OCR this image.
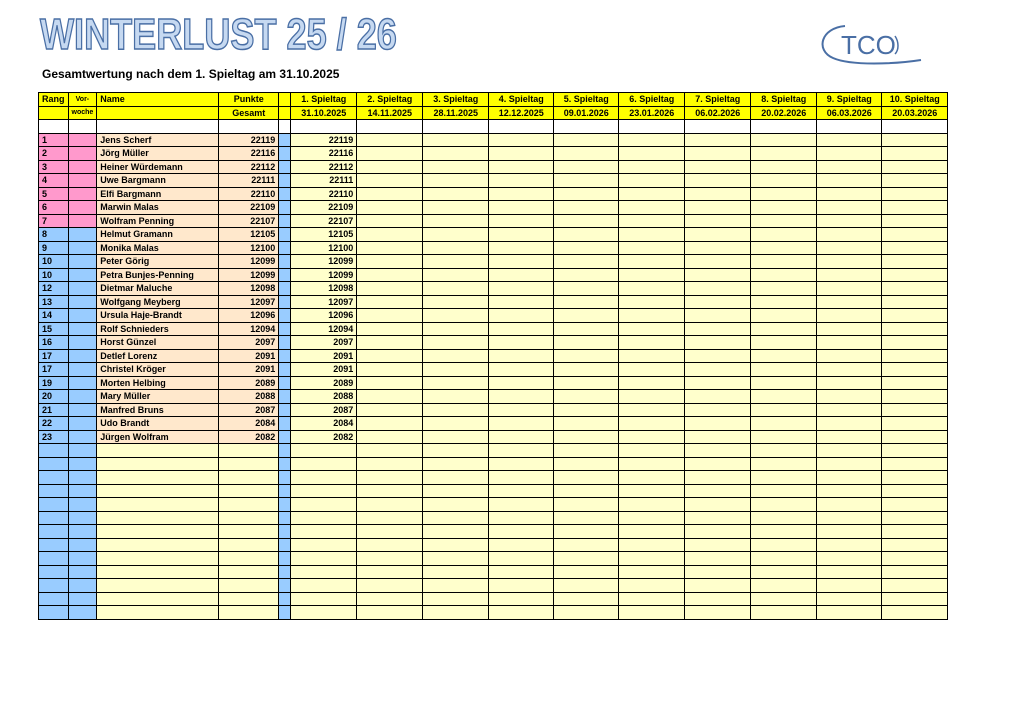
WINTERLUST 25 / 26
Gesamtwertung nach dem 1. Spieltag am 31.10.2025
TCO
Rang	Vor-	Name	Punkte		1. Spieltag	2. Spieltag	3. Spieltag	4. Spieltag	5. Spieltag	6. Spieltag	7. Spieltag	8. Spieltag	9. Spieltag	10. Spieltag
	woche		Gesamt		31.10.2025	14.11.2025	28.11.2025	12.12.2025	09.01.2026	23.01.2026	06.02.2026	20.02.2026	06.03.2026	20.03.2026

1		Jens Scherf	22119		22119									
2		Jörg Müller	22116		22116									
3		Heiner Würdemann	22112		22112									
4		Uwe Bargmann	22111		22111									
5		Elfi Bargmann	22110		22110									
6		Marwin Malas	22109		22109									
7		Wolfram Penning	22107		22107									
8		Helmut Gramann	12105		12105									
9		Monika Malas	12100		12100									
10		Peter Görig	12099		12099									
10		Petra Bunjes-Penning	12099		12099									
12		Dietmar Maluche	12098		12098									
13		Wolfgang Meyberg	12097		12097									
14		Ursula Haje-Brandt	12096		12096									
15		Rolf Schnieders	12094		12094									
16		Horst Günzel	2097		2097									
17		Detlef Lorenz	2091		2091									
17		Christel Kröger	2091		2091									
19		Morten Helbing	2089		2089									
20		Mary Müller	2088		2088									
21		Manfred Bruns	2087		2087									
22		Udo Brandt	2084		2084									
23		Jürgen Wolfram	2082		2082									
